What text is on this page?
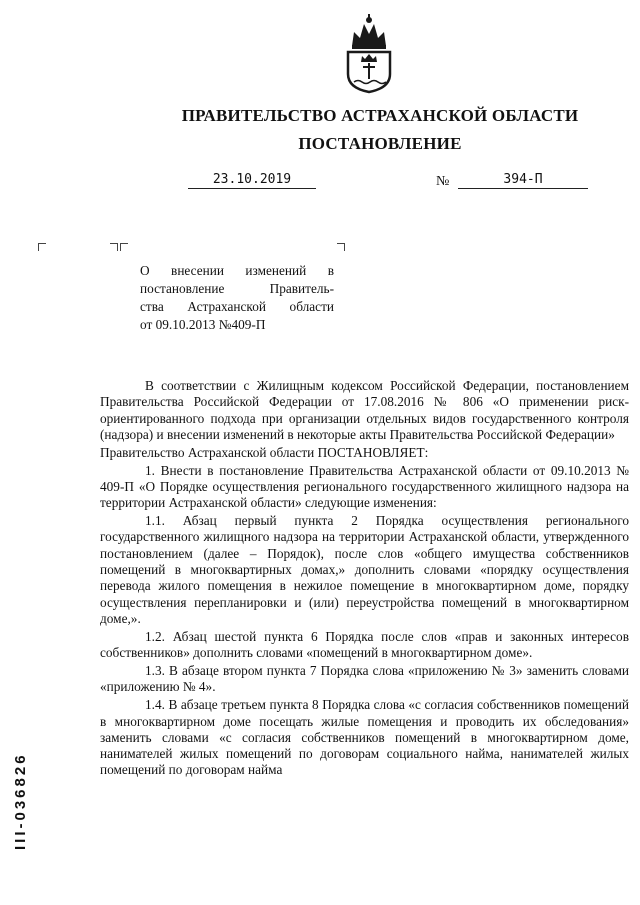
ПРАВИТЕЛЬСТВО АСТРАХАНСКОЙ ОБЛАСТИ
ПОСТАНОВЛЕНИЕ
23.10.2019	№	394-П
О внесении изменений в
постановление Правитель-
ства Астраханской области
от 09.10.2013 №409-П

В соответствии с Жилищным кодексом Российской Федерации, постановлением Правительства Российской Федерации от 17.08.2016 № 806 «О применении риск-ориентированного подхода при организации отдельных видов государственного контроля (надзора) и внесении изменений в некоторые акты Правительства Российской Федерации»

Правительство Астраханской области ПОСТАНОВЛЯЕТ:

1. Внести в постановление Правительства Астраханской области от 09.10.2013 № 409-П «О Порядке осуществления регионального государственного жилищного надзора на территории Астраханской области» следующие изменения:

1.1. Абзац первый пункта 2 Порядка осуществления регионального государственного жилищного надзора на территории Астраханской области, утвержденного постановлением (далее – Порядок), после слов «общего имущества собственников помещений в многоквартирных домах,» дополнить словами «порядку осуществления перевода жилого помещения в нежилое помещение в многоквартирном доме, порядку осуществления перепланировки и (или) переустройства помещений в многоквартирном доме,».

1.2. Абзац шестой пункта 6 Порядка после слов «прав и законных интересов собственников» дополнить словами «помещений в многоквартирном доме».

1.3. В абзаце втором пункта 7 Порядка слова «приложению № 3» заменить словами «приложению № 4».

1.4. В абзаце третьем пункта 8 Порядка слова «с согласия собственников помещений в многоквартирном доме посещать жилые помещения и проводить их обследования» заменить словами «с согласия собственников помещений в многоквартирном доме, нанимателей жилых помещений по договорам социального найма, нанимателей жилых помещений по договорам найма

III-036826
